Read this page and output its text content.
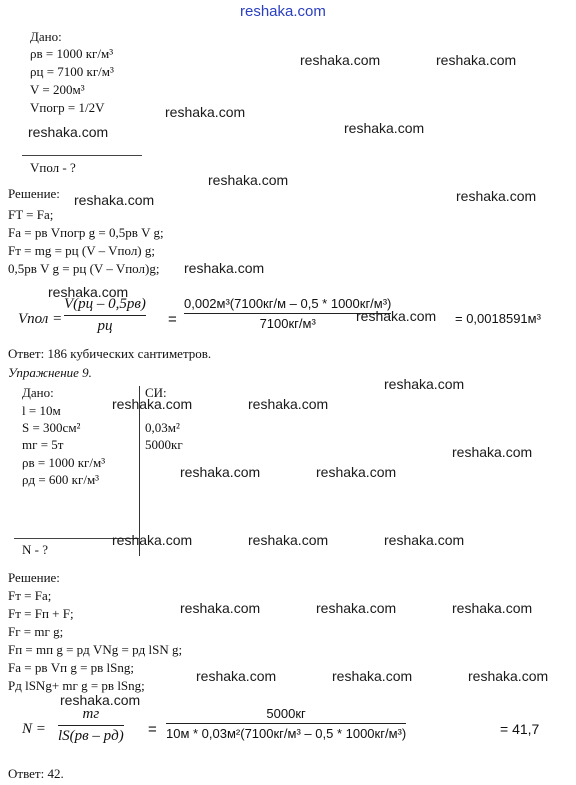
reshaka.com
Дано:
ρв = 1000 кг/м³
ρц = 7100 кг/м³
V = 200м³
Vпогр = 1/2V
Vпол - ?
Решение:
FT = Fа;
Fа = pв Vпогр g = 0,5pв V g;
Fт = mg = pц (V – Vпол) g;
0,5pв V g = pц (V – Vпол)g;
Vпол =
V(pц – 0,5pв)
pц	=
0,002м³(7100кг/м – 0,5 * 1000кг/м³)
7100кг/м³	= 0,0018591м³
Ответ: 186 кубических сантиметров.
Упражнение 9.
Дано:
l = 10м
S = 300см²
mг = 5т
ρв = 1000 кг/м³
ρд = 600 кг/м³
СИ:
0,03м²
5000кг
N - ?
Решение:
Fт = Fа;
Fт = Fп + F;
Fг = mг g;
Fп = mп g = pд VNg = pд lSN g;
Fа = pв Vп g = pв lSng;
Pд lSNg+ mг g = pв lSng;
N =
mг
lS(pв – pд) =
5000кг
10м * 0,03м²(7100кг/м³ – 0,5 * 1000кг/м³)	= 41,7
Ответ: 42.
reshaka.com	reshaka.com
reshaka.com
reshaka.com
reshaka.com
reshaka.com
reshaka.com	reshaka.com
reshaka.com
reshaka.com
reshaka.com
reshaka.com
reshaka.com	reshaka.com
reshaka.com
reshaka.com	reshaka.com
reshaka.com	reshaka.com	reshaka.com
reshaka.com	reshaka.com	reshaka.com
reshaka.com	reshaka.com	reshaka.com
reshaka.com
